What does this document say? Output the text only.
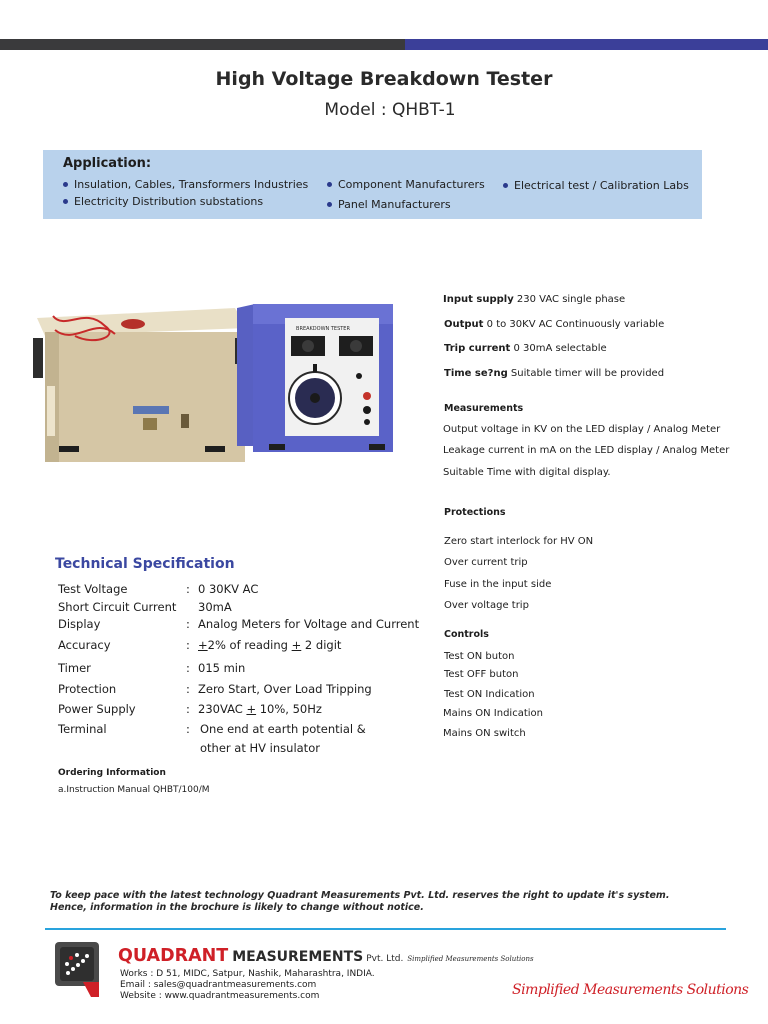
High Voltage Breakdown Tester
Model : QHBT-1
Application:
Insulation, Cables, Transformers Industries
Electricity Distribution substations
Component Manufacturers
Panel Manufacturers
Electrical test / Calibration Labs
BREAKDOWN TESTER
Input supply 230 VAC single phase
Output 0 to 30KV AC Continuously variable
Trip current 0 30mA selectable
Time se?ng Suitable timer will be provided
Measurements
Output voltage in KV on the LED display / Analog Meter
Leakage current in mA on the LED display / Analog Meter
Suitable Time with digital display.
Protections
Zero start interlock for HV ON
Over current trip
Fuse in the input side
Over voltage trip
Controls
Test ON buton
Test OFF buton
Test ON Indication
Mains ON Indication
Mains ON switch
Technical Specification
Test Voltage	: 0 30KV AC
Short Circuit Current 30mA
Display	: Analog Meters for Voltage and Current
Accuracy	: +2% of reading + 2 digit
Timer	: 015 min
Protection	: Zero Start, Over Load Tripping
Power Supply	: 230VAC + 10%, 50Hz
Terminal	: One end at earth potential &
other at HV insulator
Ordering Information
a.Instruction Manual QHBT/100/M
To keep pace with the latest technology Quadrant Measurements Pvt. Ltd. reserves the right to update it's system.
Hence, information in the brochure is likely to change without notice.
QUADRANT MEASUREMENTS Pvt. Ltd. Simplified Measurements Solutions
Works : D 51, MIDC, Satpur, Nashik, Maharashtra, INDIA.
Email : sales@quadrantmeasurements.com
Website : www.quadrantmeasurements.com	Simplified Measurements Solutions
